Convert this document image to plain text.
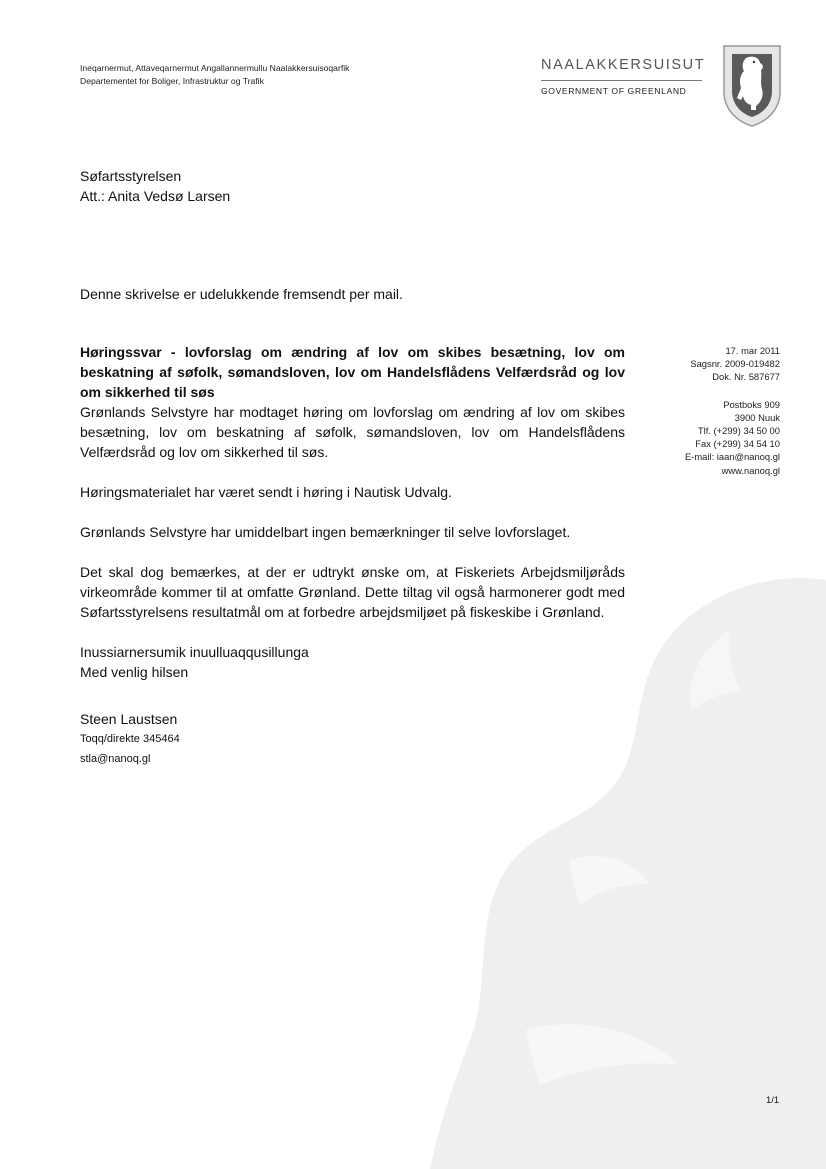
Ineqarnermut, Attaveqarnermut Angallannermullu Naalakkersuisoqarfik
Departementet for Boliger, Infrastruktur og Trafik
NAALAKKERSUISUT
GOVERNMENT OF GREENLAND
Søfartsstyrelsen
Att.: Anita Vedsø Larsen
Denne skrivelse er udelukkende fremsendt per mail.
17. mar 2011
Sagsnr. 2009-019482
Dok. Nr. 587677
Postboks 909
3900 Nuuk
Tlf. (+299) 34 50 00
Fax (+299) 34 54 10
E-mail: iaan@nanoq.gl
www.nanoq.gl

Høringssvar - lovforslag om ændring af lov om skibes besætning, lov om beskatning af søfolk, sømandsloven, lov om Handelsflådens Velfærdsråd og lov om sikkerhed til søs

Grønlands Selvstyre har modtaget høring om lovforslag om ændring af lov om skibes besætning, lov om beskatning af søfolk, sømandsloven, lov om Handelsflådens Velfærdsråd og lov om sikkerhed til søs.

Høringsmaterialet har været sendt i høring i Nautisk Udvalg.

Grønlands Selvstyre har umiddelbart ingen bemærkninger til selve lovforslaget.

Det skal dog bemærkes, at der er udtrykt ønske om, at Fiskeriets Arbejdsmiljøråds virkeområde kommer til at omfatte Grønland. Dette tiltag vil også harmonerer godt med Søfartsstyrelsens resultatmål om at forbedre arbejdsmiljøet på fiskeskibe i Grønland.

Inussiarnersumik inuulluaqqusillunga

Med venlig hilsen

Steen Laustsen
Toqq/direkte 345464
stla@nanoq.gl
1/1
